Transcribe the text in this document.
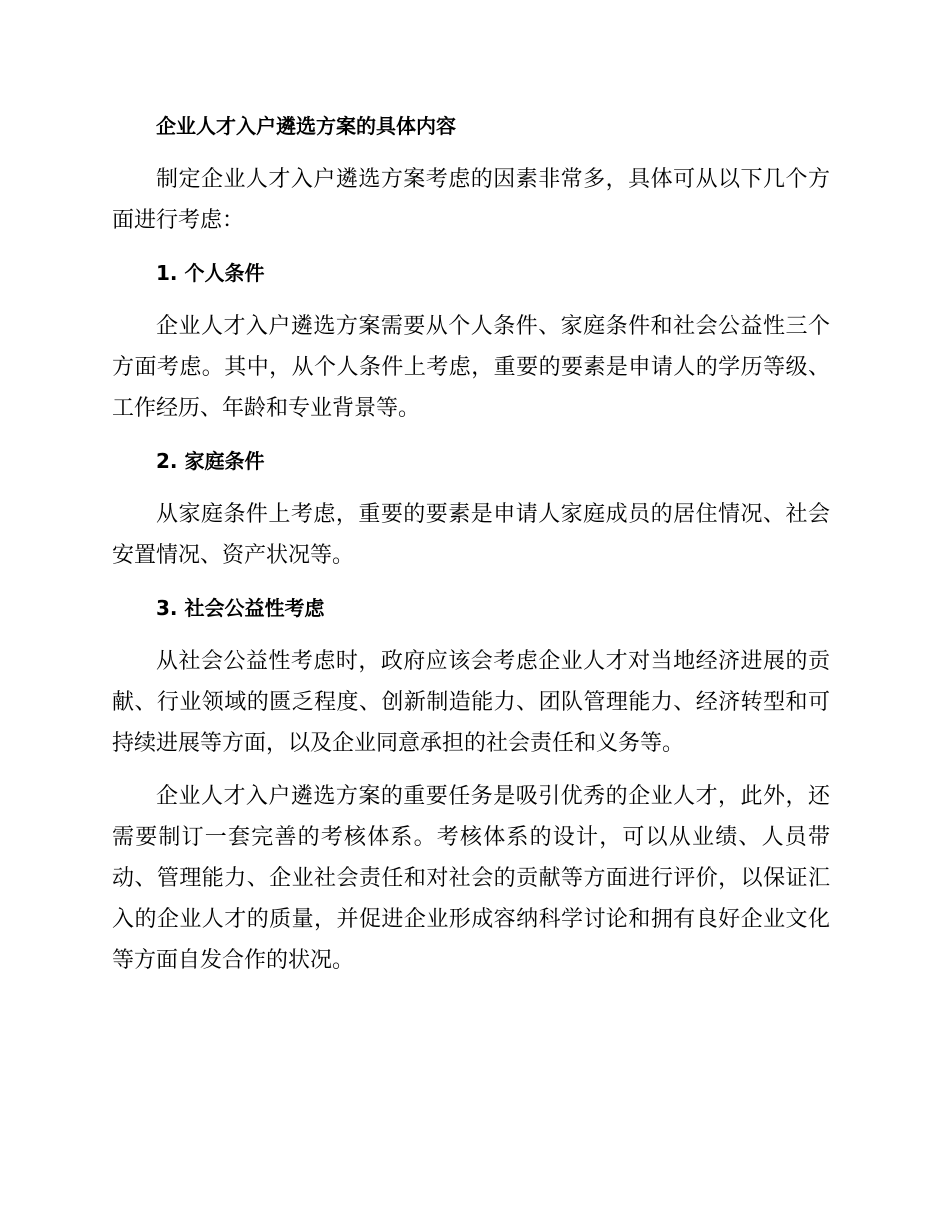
企业人才入户遴选方案的具体内容

制定企业人才入户遴选方案考虑的因素非常多，具体可从以下几个方面进行考虑：

1. 个人条件

企业人才入户遴选方案需要从个人条件、家庭条件和社会公益性三个方面考虑。其中，从个人条件上考虑，重要的要素是申请人的学历等级、工作经历、年龄和专业背景等。

2. 家庭条件

从家庭条件上考虑，重要的要素是申请人家庭成员的居住情况、社会安置情况、资产状况等。

3. 社会公益性考虑

从社会公益性考虑时，政府应该会考虑企业人才对当地经济进展的贡献、行业领域的匮乏程度、创新制造能力、团队管理能力、经济转型和可持续进展等方面，以及企业同意承担的社会责任和义务等。

企业人才入户遴选方案的重要任务是吸引优秀的企业人才，此外，还需要制订一套完善的考核体系。考核体系的设计，可以从业绩、人员带动、管理能力、企业社会责任和对社会的贡献等方面进行评价，以保证汇入的企业人才的质量，并促进企业形成容纳科学讨论和拥有良好企业文化等方面自发合作的状况。
